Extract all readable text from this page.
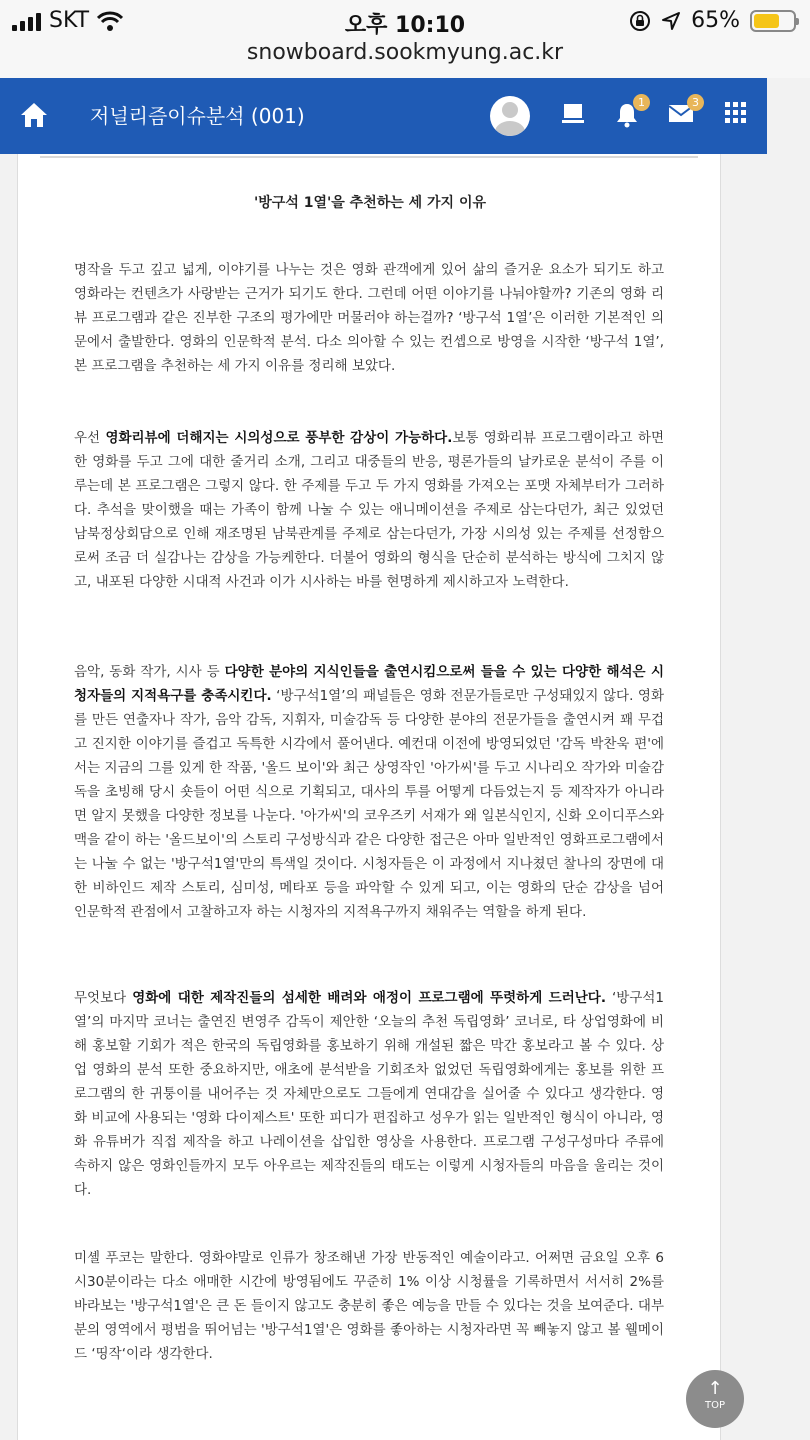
SKT	오후 10:10	65%
snowboard.sookmyung.ac.kr
저널리즘이슈분석 (001)
1	3
'방구석 1열'을 추천하는 세 가지 이유

명작을 두고 깊고 넓게, 이야기를 나누는 것은 영화 관객에게 있어 삶의 즐거운 요소가 되기도 하고 영화라는 컨텐츠가 사랑받는 근거가 되기도 한다. 그런데 어떤 이야기를 나눠야할까? 기존의 영화 리뷰 프로그램과 같은 진부한 구조의 평가에만 머물러야 하는걸까? ‘방구석 1열’은 이러한 기본적인 의문에서 출발한다. 영화의 인문학적 분석. 다소 의아할 수 있는 컨셉으로 방영을 시작한 ‘방구석 1열’, 본 프로그램을 추천하는 세 가지 이유를 정리해 보았다.

우선 영화리뷰에 더해지는 시의성으로 풍부한 감상이 가능하다.보통 영화리뷰 프로그램이라고 하면 한 영화를 두고 그에 대한 줄거리 소개, 그리고 대중들의 반응, 평론가들의 날카로운 분석이 주를 이루는데 본 프로그램은 그렇지 않다. 한 주제를 두고 두 가지 영화를 가져오는 포맷 자체부터가 그러하다. 추석을 맞이했을 때는 가족이 함께 나눌 수 있는 애니메이션을 주제로 삼는다던가, 최근 있었던 남북정상회담으로 인해 재조명된 남북관계를 주제로 삼는다던가, 가장 시의성 있는 주제를 선정함으로써 조금 더 실감나는 감상을 가능케한다. 더불어 영화의 형식을 단순히 분석하는 방식에 그치지 않고, 내포된 다양한 시대적 사건과 이가 시사하는 바를 현명하게 제시하고자 노력한다.

음악, 동화 작가, 시사 등 다양한 분야의 지식인들을 출연시킴으로써 들을 수 있는 다양한 해석은 시청자들의 지적욕구를 충족시킨다. ‘방구석1열’의 패널들은 영화 전문가들로만 구성돼있지 않다. 영화를 만든 연출자나 작가, 음악 감독, 지휘자, 미술감독 등 다양한 분야의 전문가들을 출연시켜 꽤 무겁고 진지한 이야기를 즐겁고 독특한 시각에서 풀어낸다. 예컨대 이전에 방영되었던 '감독 박찬욱 편'에서는 지금의 그를 있게 한 작품, '올드 보이'와 최근 상영작인 '아가씨'를 두고 시나리오 작가와 미술감독을 초빙해 당시 숏들이 어떤 식으로 기획되고, 대사의 투를 어떻게 다듬었는지 등 제작자가 아니라면 알지 못했을 다양한 정보를 나눈다. '아가씨'의 코우즈키 서재가 왜 일본식인지, 신화 오이디푸스와 맥을 같이 하는 '올드보이'의 스토리 구성방식과 같은 다양한 접근은 아마 일반적인 영화프로그램에서는 나눌 수 없는 '방구석1열'만의 특색일 것이다. 시청자들은 이 과정에서 지나쳤던 찰나의 장면에 대한 비하인드 제작 스토리, 심미성, 메타포 등을 파악할 수 있게 되고, 이는 영화의 단순 감상을 넘어 인문학적 관점에서 고찰하고자 하는 시청자의 지적욕구까지 채워주는 역할을 하게 된다.

무엇보다 영화에 대한 제작진들의 섬세한 배려와 애정이 프로그램에 뚜렷하게 드러난다. ‘방구석1열’의 마지막 코너는 출연진 변영주 감독이 제안한 ‘오늘의 추천 독립영화’ 코너로, 타 상업영화에 비해 홍보할 기회가 적은 한국의 독립영화를 홍보하기 위해 개설된 짧은 막간 홍보라고 볼 수 있다. 상업 영화의 분석 또한 중요하지만, 애초에 분석받을 기회조차 없었던 독립영화에게는 홍보를 위한 프로그램의 한 귀퉁이를 내어주는 것 자체만으로도 그들에게 연대감을 실어줄 수 있다고 생각한다. 영화 비교에 사용되는 '영화 다이제스트' 또한 피디가 편집하고 성우가 읽는 일반적인 형식이 아니라, 영화 유튜버가 직접 제작을 하고 나레이션을 삽입한 영상을 사용한다. 프로그램 구성구성마다 주류에 속하지 않은 영화인들까지 모두 아우르는 제작진들의 태도는 이렇게 시청자들의 마음을 울리는 것이다.

미셸 푸코는 말한다. 영화야말로 인류가 창조해낸 가장 반동적인 예술이라고. 어쩌면 금요일 오후 6시30분이라는 다소 애매한 시간에 방영됨에도 꾸준히 1% 이상 시청률을 기록하면서 서서히 2%를 바라보는 '방구석1열'은 큰 돈 들이지 않고도 충분히 좋은 예능을 만들 수 있다는 것을 보여준다. 대부분의 영역에서 평범을 뛰어넘는 '방구석1열'은 영화를 좋아하는 시청자라면 꼭 빼놓지 않고 볼 웰메이드 ‘띵작‘이라 생각한다.

↑
TOP
